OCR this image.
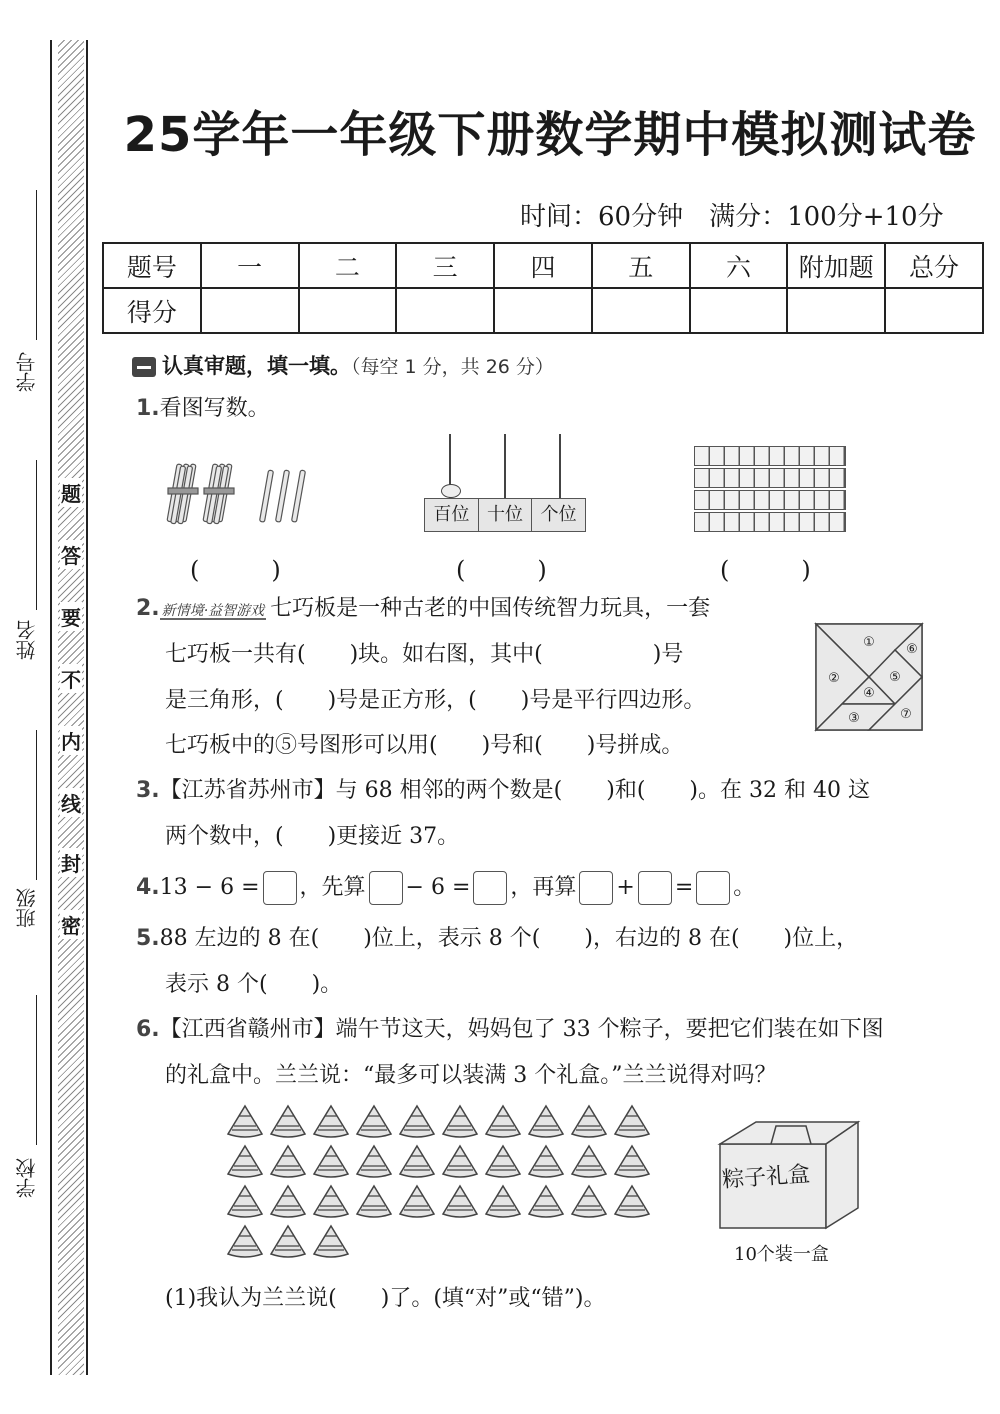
题
答
要
不
内
线
封
密
学号
姓名
班级
学校
25学年一年级下册数学期中模拟测试卷
时间：60分钟　满分：100分+10分
题号	一	二	三	四	五	六	附加题	总分
得分								
认真审题，填一填。（每空 1 分，共 26 分）
1.看图写数。
百位 十位 个位
(　　　)	(　　　)	(　　　)
2. 新情境·益智游戏 七巧板是一种古老的中国传统智力玩具，一套
七巧板一共有(　　)块。如右图，其中(　　　　　)号
是三角形，(　　)号是正方形，(　　)号是平行四边形。
七巧板中的⑤号图形可以用(　　)号和(　　)号拼成。
①
②
③
④
⑤
⑥
⑦
3.【江苏省苏州市】与 68 相邻的两个数是(　　)和(　　)。在 32 和 40 这
两个数中，(　　)更接近 37。
4.13 − 6 = ，先算 − 6 = ，再算 + = 。
5.88 左边的 8 在(　　)位上，表示 8 个(　　)，右边的 8 在(　　)位上，
表示 8 个(　　)。
6.【江西省赣州市】端午节这天，妈妈包了 33 个粽子，要把它们装在如下图
的礼盒中。兰兰说：“最多可以装满 3 个礼盒。”兰兰说得对吗？
粽子礼盒
10个装一盒
(1)我认为兰兰说(　　)了。(填“对”或“错”)。
